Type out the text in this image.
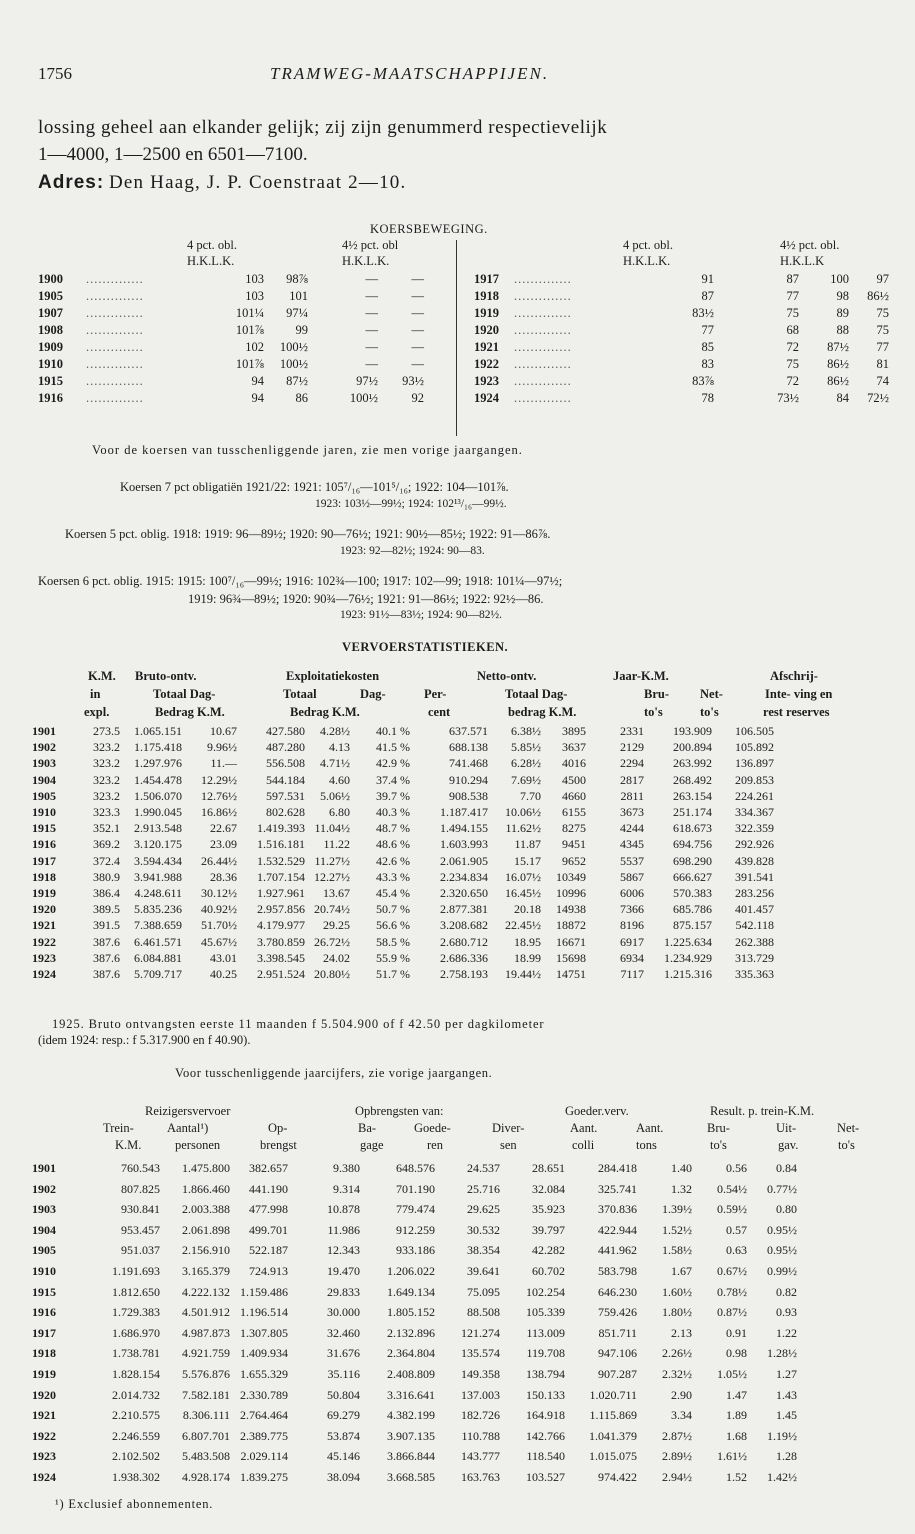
1756	TRAMWEG-MAATSCHAPPIJEN.
lossing geheel aan elkander gelijk; zij zijn genummerd respectievelijk
1—4000, 1—2500 en 6501—7100.
Adres: Den Haag, J. P. Coenstraat 2—10.
KOERSBEWEGING.
4 pct. obl.
H.K.L.K.
4½ pct. obl
H.K.L.K.
4 pct. obl.
H.K.L.K.
4½ pct. obl.
H.K.L.K
1900	..............	103	98⅞	—	—
1905	..............	103	101	—	—
1907	..............	101¼	97¼	—	—
1908	..............	101⅞	99	—	—
1909	..............	102	100½	—	—
1910	..............	101⅞	100½	—	—
1915	..............	94	87½	97½	93½
1916	..............	94	86	100½	92
1917	..............	91	87	100	97
1918	..............	87	77	98	86½
1919	..............	83½	75	89	75
1920	..............	77	68	88	75
1921	..............	85	72	87½	77
1922	..............	83	75	86½	81
1923	..............	83⅞	72	86½	74
1924	..............	78	73½	84	72½
Voor de koersen van tusschenliggende jaren, zie men vorige jaargangen.
Koersen 7 pct obligatiën 1921/22: 1921: 105⁷/₁₆—101⁵/₁₆; 1922: 104—101⅞.
1923: 103½—99½; 1924: 102¹³/₁₆—99½.
Koersen 5 pct. oblig. 1918: 1919: 96—89½; 1920: 90—76½; 1921: 90½—85½; 1922: 91—86⅞.
1923: 92—82½; 1924: 90—83.
Koersen 6 pct. oblig. 1915: 1915: 100⁷/₁₆—99½; 1916: 102¾—100; 1917: 102—99; 1918: 101¼—97½;
1919: 96¾—89½; 1920: 90¾—76½; 1921: 91—86½; 1922: 92½—86.
1923: 91½—83½; 1924: 90—82½.
VERVOERSTATISTIEKEN.
K.M. Bruto-ontv.	Exploitatiekosten	Netto-ontv.	Jaar-K.M.	Afschrij-
in	Totaal Dag-	Totaal	Dag-	Per-	Totaal Dag-	Bru- Net-	Inte- ving en
expl.	Bedrag K.M.	Bedrag K.M.	cent	bedrag K.M.	to's	to's	rest reserves
1901	273.5	1.065.151	10.67	427.580	4.28½	40.1 %	637.571	6.38½	3895	2331	193.909	106.505
1902	323.2	1.175.418	9.96½	487.280	4.13	41.5 %	688.138	5.85½	3637	2129	200.894	105.892
1903	323.2	1.297.976	11.—	556.508	4.71½	42.9 %	741.468	6.28½	4016	2294	263.992	136.897
1904	323.2	1.454.478	12.29½	544.184	4.60	37.4 %	910.294	7.69½	4500	2817	268.492	209.853
1905	323.2	1.506.070	12.76½	597.531	5.06½	39.7 %	908.538	7.70	4660	2811	263.154	224.261
1910	323.3	1.990.045	16.86½	802.628	6.80	40.3 %	1.187.417	10.06½	6155	3673	251.174	334.367
1915	352.1	2.913.548	22.67	1.419.393	11.04½	48.7 %	1.494.155	11.62½	8275	4244	618.673	322.359
1916	369.2	3.120.175	23.09	1.516.181	11.22	48.6 %	1.603.993	11.87	9451	4345	694.756	292.926
1917	372.4	3.594.434	26.44½	1.532.529	11.27½	42.6 %	2.061.905	15.17	9652	5537	698.290	439.828
1918	380.9	3.941.988	28.36	1.707.154	12.27½	43.3 %	2.234.834	16.07½	10349	5867	666.627	391.541
1919	386.4	4.248.611	30.12½	1.927.961	13.67	45.4 %	2.320.650	16.45½	10996	6006	570.383	283.256
1920	389.5	5.835.236	40.92½	2.957.856	20.74½	50.7 %	2.877.381	20.18	14938	7366	685.786	401.457
1921	391.5	7.388.659	51.70½	4.179.977	29.25	56.6 %	3.208.682	22.45½	18872	8196	875.157	542.118
1922	387.6	6.461.571	45.67½	3.780.859	26.72½	58.5 %	2.680.712	18.95	16671	6917	1.225.634	262.388
1923	387.6	6.084.881	43.01	3.398.545	24.02	55.9 %	2.686.336	18.99	15698	6934	1.234.929	313.729
1924	387.6	5.709.717	40.25	2.951.524	20.80½	51.7 %	2.758.193	19.44½	14751	7117	1.215.316	335.363
1925. Bruto ontvangsten eerste 11 maanden f 5.504.900 of f 42.50 per dagkilometer
(idem 1924: resp.: f 5.317.900 en f 40.90).
Voor tusschenliggende jaarcijfers, zie vorige jaargangen.
Reizigersvervoer	Opbrengsten van:	Goeder.verv.	Result. p. trein-K.M.
Trein-	Aantal¹)	Op-	Ba-	Goede-	Diver-	Aant.	Aant.	Bru-	Uit-	Net-
K.M.	personen	brengst	gage	ren	sen	colli	tons	to's	gav.	to's
1901	760.543	1.475.800	382.657	9.380	648.576	24.537	28.651	284.418	1.40	0.56	0.84
1902	807.825	1.866.460	441.190	9.314	701.190	25.716	32.084	325.741	1.32	0.54½	0.77½
1903	930.841	2.003.388	477.998	10.878	779.474	29.625	35.923	370.836	1.39½	0.59½	0.80
1904	953.457	2.061.898	499.701	11.986	912.259	30.532	39.797	422.944	1.52½	0.57	0.95½
1905	951.037	2.156.910	522.187	12.343	933.186	38.354	42.282	441.962	1.58½	0.63	0.95½
1910	1.191.693	3.165.379	724.913	19.470	1.206.022	39.641	60.702	583.798	1.67	0.67½	0.99½
1915	1.812.650	4.222.132	1.159.486	29.833	1.649.134	75.095	102.254	646.230	1.60½	0.78½	0.82
1916	1.729.383	4.501.912	1.196.514	30.000	1.805.152	88.508	105.339	759.426	1.80½	0.87½	0.93
1917	1.686.970	4.987.873	1.307.805	32.460	2.132.896	121.274	113.009	851.711	2.13	0.91	1.22
1918	1.738.781	4.921.759	1.409.934	31.676	2.364.804	135.574	119.708	947.106	2.26½	0.98	1.28½
1919	1.828.154	5.576.876	1.655.329	35.116	2.408.809	149.358	138.794	907.287	2.32½	1.05½	1.27
1920	2.014.732	7.582.181	2.330.789	50.804	3.316.641	137.003	150.133	1.020.711	2.90	1.47	1.43
1921	2.210.575	8.306.111	2.764.464	69.279	4.382.199	182.726	164.918	1.115.869	3.34	1.89	1.45
1922	2.246.559	6.807.701	2.389.775	53.874	3.907.135	110.788	142.766	1.041.379	2.87½	1.68	1.19½
1923	2.102.502	5.483.508	2.029.114	45.146	3.866.844	143.777	118.540	1.015.075	2.89½	1.61½	1.28
1924	1.938.302	4.928.174	1.839.275	38.094	3.668.585	163.763	103.527	974.422	2.94½	1.52	1.42½
¹) Exclusief abonnementen.
